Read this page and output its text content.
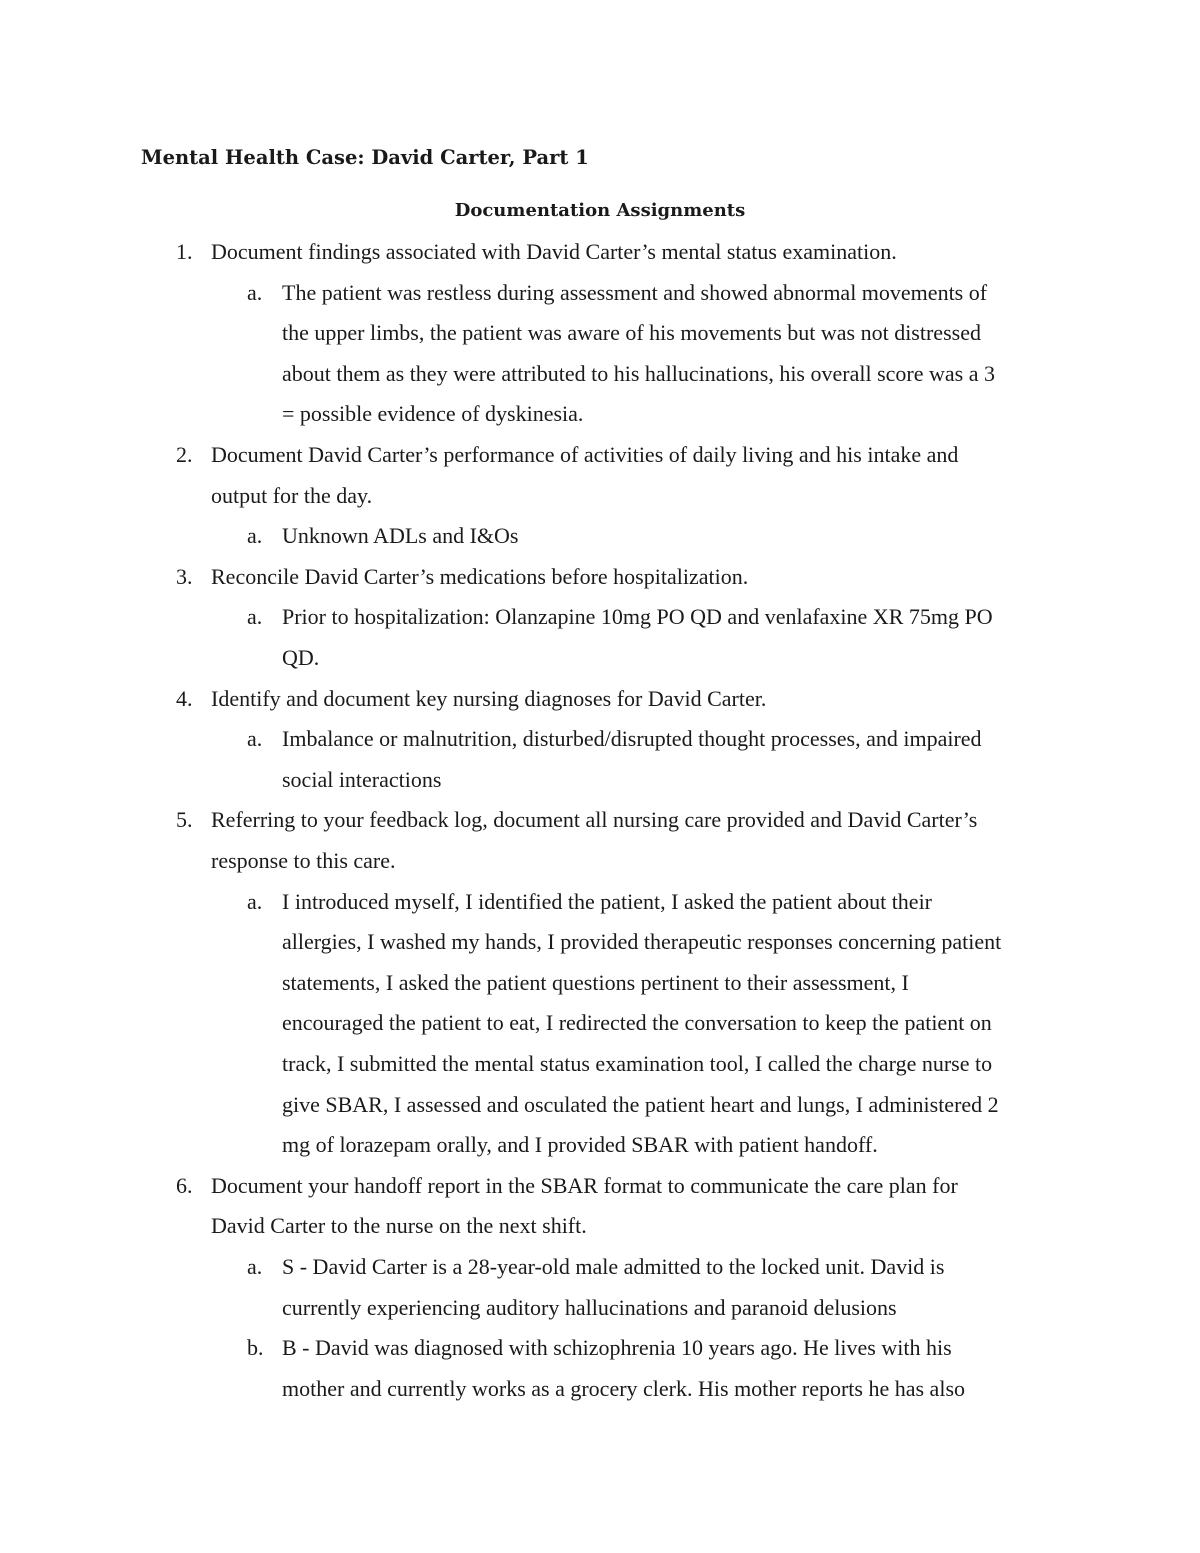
Mental Health Case: David Carter, Part 1
Documentation Assignments
1. Document findings associated with David Carter’s mental status examination.
a. The patient was restless during assessment and showed abnormal movements of
the upper limbs, the patient was aware of his movements but was not distressed
about them as they were attributed to his hallucinations, his overall score was a 3
= possible evidence of dyskinesia.
2. Document David Carter’s performance of activities of daily living and his intake and
output for the day.
a. Unknown ADLs and I&Os
3. Reconcile David Carter’s medications before hospitalization.
a. Prior to hospitalization: Olanzapine 10mg PO QD and venlafaxine XR 75mg PO
QD.
4. Identify and document key nursing diagnoses for David Carter.
a. Imbalance or malnutrition, disturbed/disrupted thought processes, and impaired
social interactions
5. Referring to your feedback log, document all nursing care provided and David Carter’s
response to this care.
a. I introduced myself, I identified the patient, I asked the patient about their
allergies, I washed my hands, I provided therapeutic responses concerning patient
statements, I asked the patient questions pertinent to their assessment, I
encouraged the patient to eat, I redirected the conversation to keep the patient on
track, I submitted the mental status examination tool, I called the charge nurse to
give SBAR, I assessed and osculated the patient heart and lungs, I administered 2
mg of lorazepam orally, and I provided SBAR with patient handoff.
6. Document your handoff report in the SBAR format to communicate the care plan for
David Carter to the nurse on the next shift.
a. S - David Carter is a 28-year-old male admitted to the locked unit. David is
currently experiencing auditory hallucinations and paranoid delusions
b. B - David was diagnosed with schizophrenia 10 years ago. He lives with his
mother and currently works as a grocery clerk. His mother reports he has also
